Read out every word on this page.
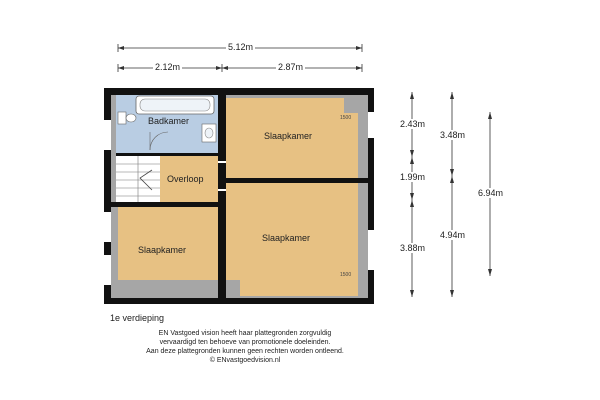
5.12m
2.12m	2.87m
2.43m
1.99m
3.88m
3.48m
4.94m
6.94m
Badkamer
Slaapkamer
Overloop
Slaapkamer
Slaapkamer
1500
1500
1e verdieping
EN Vastgoed vision heeft haar plattegronden zorgvuldig
vervaardigd ten behoeve van promotionele doeleinden.
Aan deze plattegronden kunnen geen rechten worden ontleend.
© ENvastgoedvision.nl
